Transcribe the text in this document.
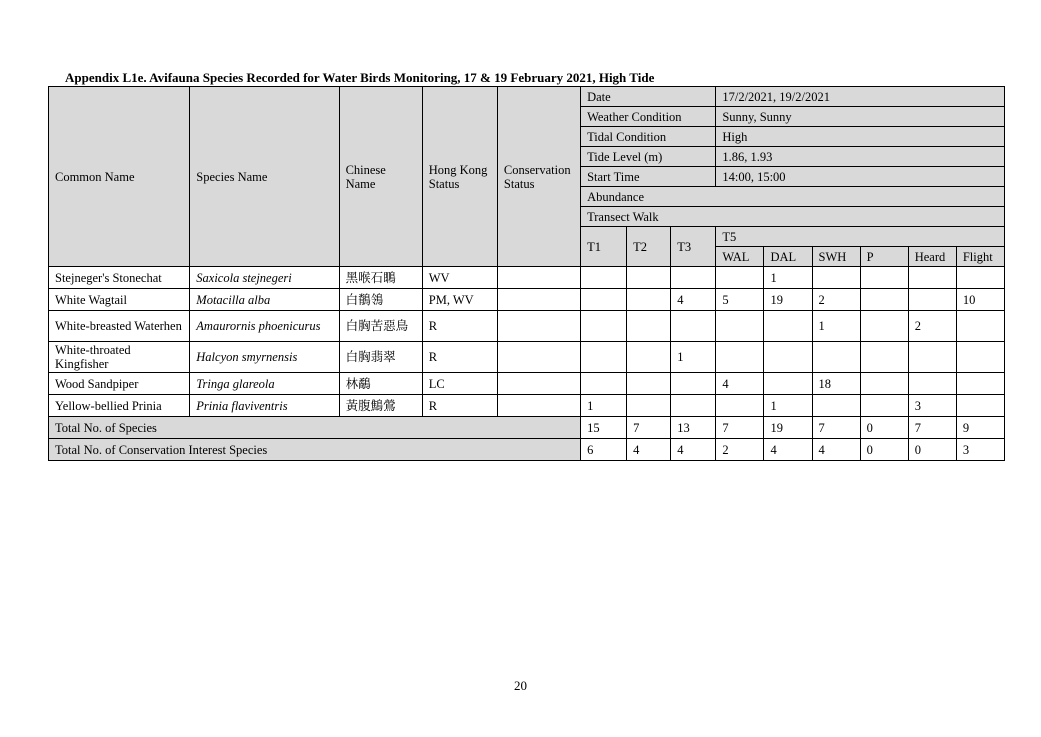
Appendix L1e. Avifauna Species Recorded for Water Birds Monitoring, 17 & 19 February 2021, High Tide
Common Name	Species Name	Chinese Name	Hong Kong Status	Conservation Status	Date			17/2/2021, 19/2/2021					
					Weather Condition			Sunny, Sunny					
					Tidal Condition			High					
					Tide Level (m)			1.86, 1.93					
					Start Time			14:00, 15:00					
					Abundance								
					Transect Walk								
					T1	T2	T3	T5					
								WAL	DAL	SWH	P	Heard	Flight
Stejneger's Stonechat	Saxicola stejnegeri	黑喉石䳭	WV						1				
White Wagtail	Motacilla alba	白鶺鴒	PM, WV				4	5	19	2			10
White-breasted Waterhen	Amaurornis phoenicurus	白胸苦惡鳥	R							1		2	
White-throated Kingfisher	Halcyon smyrnensis	白胸翡翠	R				1						
Wood Sandpiper	Tringa glareola	林鷸	LC					4		18			
Yellow-bellied Prinia	Prinia flaviventris	黃腹鷦鶯	R		1				1			3	
Total No. of Species					15	7	13	7	19	7	0	7	9
Total No. of Conservation Interest Species					6	4	4	2	4	4	0	0	3
20
